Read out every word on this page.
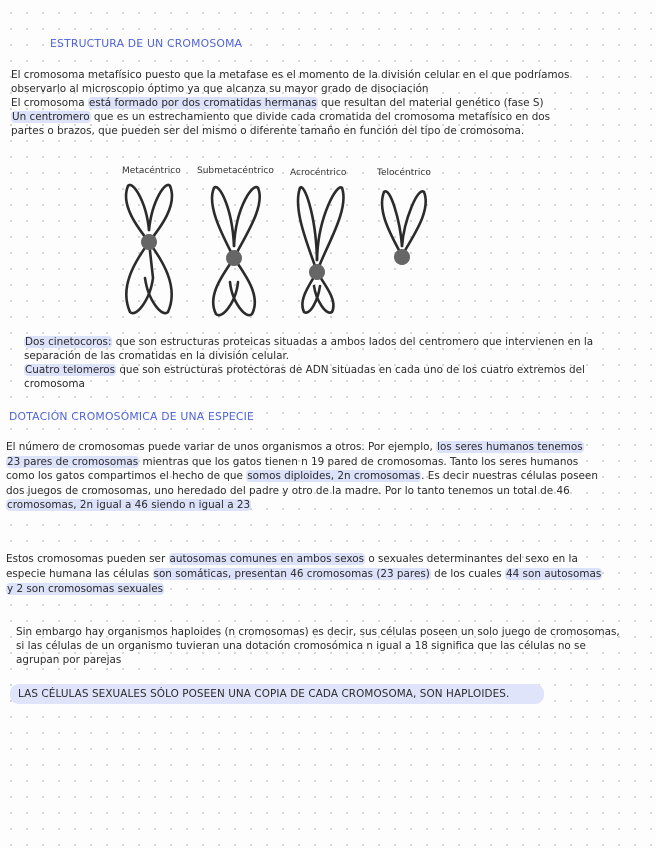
ESTRUCTURA DE UN CROMOSOMA
El cromosoma metafísico puesto que la metafase es el momento de la división celular en el que podríamos
observarlo al microscopio óptimo ya que alcanza su mayor grado de disociación
El cromosoma está formado por dos cromatidas hermanas que resultan del material genético (fase S)
Un centromero que es un estrechamiento que divide cada cromatida del cromosoma metafísico en dos
partes o brazos, que pueden ser del mismo o diferente tamaño en función del tipo de cromosoma.
Metacéntrico Submetacéntrico Acrocéntrico	Telocéntrico
Dos cinetocoros: que son estructuras proteicas situadas a ambos lados del centromero que intervienen en la
separación de las cromatidas en la división celular.
Cuatro telomeros que son estructuras protectoras de ADN situadas en cada uno de los cuatro extremos del
cromosoma
DOTACIÓN CROMOSÓMICA DE UNA ESPECIE
El número de cromosomas puede variar de unos organismos a otros. Por ejemplo, los seres humanos tenemos
23 pares de cromosomas mientras que los gatos tienen n 19 pared de cromosomas. Tanto los seres humanos
como los gatos compartimos el hecho de que somos diploides, 2n cromosomas. Es decir nuestras células poseen
dos juegos de cromosomas, uno heredado del padre y otro de la madre. Por lo tanto tenemos un total de 46
cromosomas, 2n igual a 46 siendo n igual a 23
Estos cromosomas pueden ser autosomas comunes en ambos sexos o sexuales determinantes del sexo en la
especie humana las células son somáticas, presentan 46 cromosomas (23 pares) de los cuales 44 son autosomas
y 2 son cromosomas sexuales
Sin embargo hay organismos haploides (n cromosomas) es decir, sus células poseen un solo juego de cromosomas,
si las células de un organismo tuvieran una dotación cromosómica n igual a 18 significa que las células no se
agrupan por parejas
LAS CÉLULAS SEXUALES SÓLO POSEEN UNA COPIA DE CADA CROMOSOMA, SON HAPLOIDES.
